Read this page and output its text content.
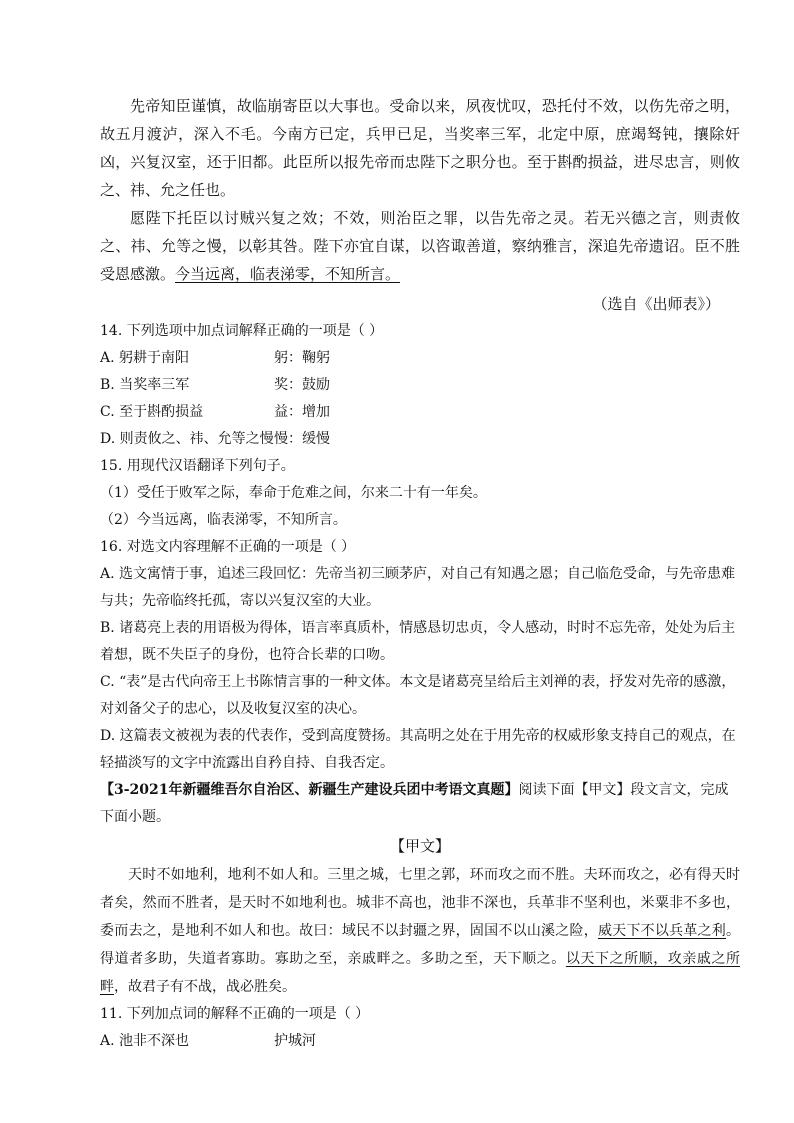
先帝知臣谨慎，故临崩寄臣以大事也。受命以来，夙夜忧叹，恐托付不效，以伤先帝之明，故五月渡泸，深入不毛。今南方已定，兵甲已足，当奖率三军，北定中原，庶竭驽钝，攘除奸凶，兴复汉室，还于旧都。此臣所以报先帝而忠陛下之职分也。至于斟酌损益，进尽忠言，则攸之、祎、允之任也。

愿陛下托臣以讨贼兴复之效；不效，则治臣之罪，以告先帝之灵。若无兴德之言，则责攸之、祎、允等之慢，以彰其咎。陛下亦宜自谋，以咨诹善道，察纳雅言，深追先帝遗诏。臣不胜受恩感激。今当远离，临表涕零，不知所言。

（选自《出师表》）

14. 下列选项中加点词解释正确的一项是（ ）

A. 躬耕于南阳	躬：鞠躬
B. 当奖率三军	奖：鼓励
C. 至于斟酌损益	益：增加
D. 则责攸之、祎、允等之慢 慢：缓慢

15. 用现代汉语翻译下列句子。

（1）受任于败军之际，奉命于危难之间，尔来二十有一年矣。

（2）今当远离，临表涕零，不知所言。

16. 对选文内容理解不正确的一项是（ ）

A. 选文寓情于事，追述三段回忆：先帝当初三顾茅庐，对自己有知遇之恩；自己临危受命，与先帝患难与共；先帝临终托孤，寄以兴复汉室的大业。

B. 诸葛亮上表的用语极为得体，语言率真质朴，情感恳切忠贞，令人感动，时时不忘先帝，处处为后主着想，既不失臣子的身份，也符合长辈的口吻。

C. “表”是古代向帝王上书陈情言事的一种文体。本文是诸葛亮呈给后主刘禅的表，抒发对先帝的感激，对刘备父子的忠心，以及收复汉室的决心。

D. 这篇表文被视为表的代表作，受到高度赞扬。其高明之处在于用先帝的权威形象支持自己的观点，在轻描淡写的文字中流露出自矜自持、自我否定。

【3-2021年新疆维吾尔自治区、新疆生产建设兵团中考语文真题】阅读下面【甲文】段文言文，完成下面小题。

【甲文】

天时不如地利，地利不如人和。三里之城，七里之郭，环而攻之而不胜。夫环而攻之，必有得天时者矣，然而不胜者，是天时不如地利也。城非不高也，池非不深也，兵革非不坚利也，米粟非不多也，委而去之，是地利不如人和也。故曰：域民不以封疆之界，固国不以山溪之险，威天下不以兵革之利。得道者多助，失道者寡助。寡助之至，亲戚畔之。多助之至，天下顺之。以天下之所顺，攻亲戚之所畔，故君子有不战，战必胜矣。

11. 下列加点词的解释不正确的一项是（ ）

A. 池非不深也	护城河
